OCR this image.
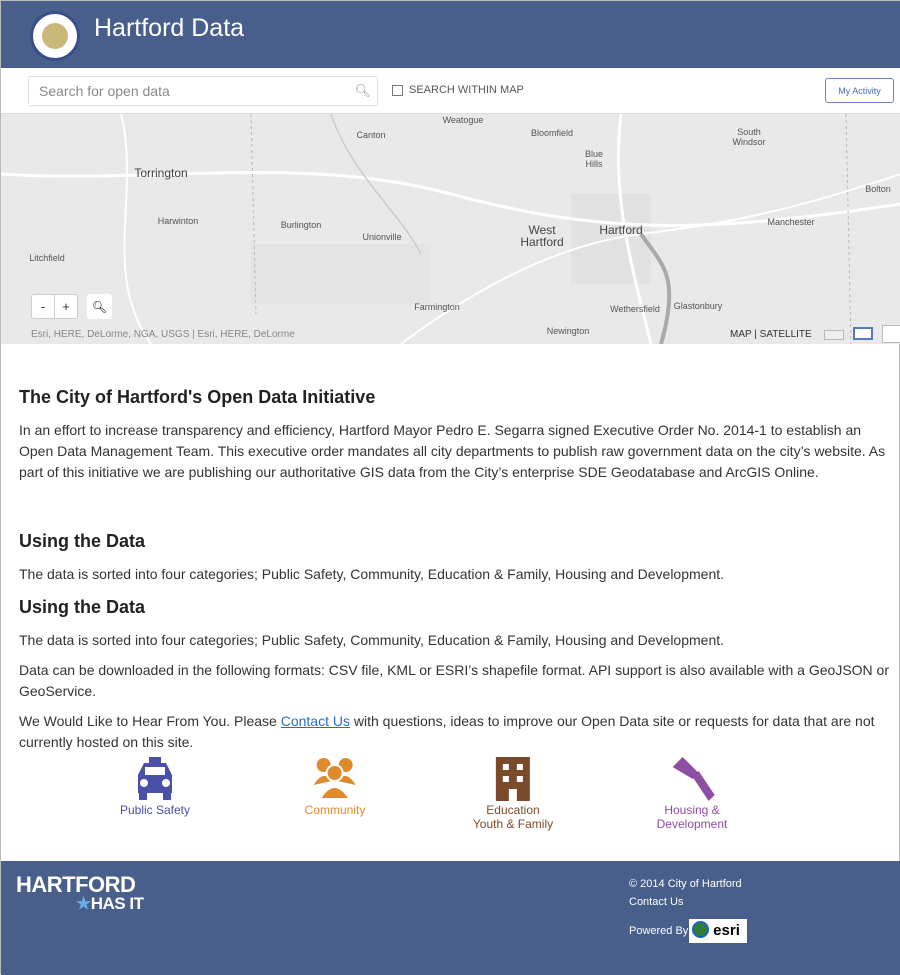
Hartford Data
Search for open data
🔍︎	SEARCH WITHIN MAP	My Activity
Weatogue
Canton	Bloomfield	South Windsor
Torrington
Blue Hills
Bolton
Harwinton	Burlington
Unionville	West Hartford
Hartford
Manchester
Litchfield
Farmington	Wethersfield Glastonbury
Newington
-	+	🔍︎
Esri, HERE, DeLorme, NGA, USGS | Esri, HERE, DeLorme	MAP | SATELLITE
The City of Hartford's Open Data Initiative

In an effort to increase transparency and efficiency, Hartford Mayor Pedro E. Segarra signed Executive Order No. 2014-1 to establish an Open Data Management Team. This executive order mandates all city departments to publish raw government data on the city’s website. As part of this initiative we are publishing our authoritative GIS data from the City’s enterprise SDE Geodatabase and ArcGIS Online.

Using the Data

The data is sorted into four categories; Public Safety, Community, Education & Family, Housing and Development.

Using the Data

The data is sorted into four categories; Public Safety, Community, Education & Family, Housing and Development.

Data can be downloaded in the following formats: CSV file, KML or ESRI’s shapefile format. API support is also available with a GeoJSON or GeoService.

We Would Like to Hear From You. Please Contact Us with questions, ideas to improve our Open Data site or requests for data that are not currently hosted on this site.

Public Safety	Community	Education
Youth & Family
Housing &
Development
HARTFORD
★HAS IT
© 2014 City of Hartford
Contact Us
Powered By	esri
